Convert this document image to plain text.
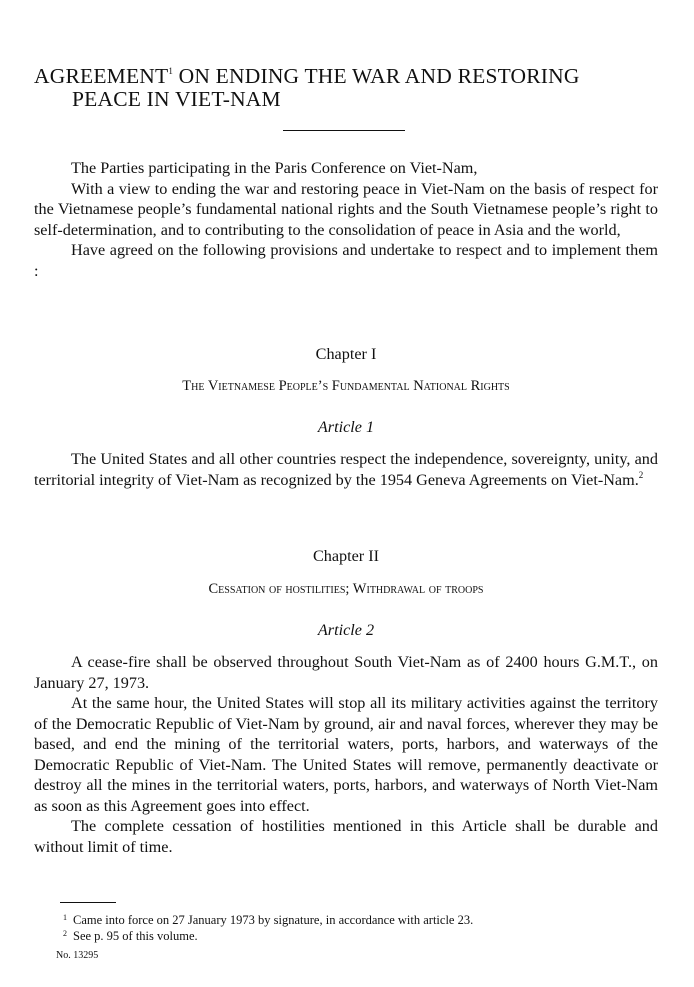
AGREEMENT$^1$ ON ENDING THE WAR AND RESTORING
PEACE IN VIET-NAM

The Parties participating in the Paris Conference on Viet-Nam,

With a view to ending the war and restoring peace in Viet-Nam on the basis of respect for the Vietnamese people’s fundamental national rights and the South Vietnamese people’s right to self-determination, and to contributing to the consolidation of peace in Asia and the world,

Have agreed on the following provisions and undertake to respect and to implement them :

Chapter I

The Vietnamese People’s Fundamental National Rights

Article 1

The United States and all other countries respect the independence, sovereignty, unity, and territorial integrity of Viet-Nam as recognized by the 1954 Geneva Agreements on Viet-Nam.$^2$

Chapter II

Cessation of hostilities; Withdrawal of troops

Article 2

A cease-fire shall be observed throughout South Viet-Nam as of 2400 hours G.M.T., on January 27, 1973.

At the same hour, the United States will stop all its military activities against the territory of the Democratic Republic of Viet-Nam by ground, air and naval forces, wherever they may be based, and end the mining of the territorial waters, ports, harbors, and waterways of the Democratic Republic of Viet-Nam. The United States will remove, permanently deactivate or destroy all the mines in the territorial waters, ports, harbors, and waterways of North Viet-Nam as soon as this Agreement goes into effect.

The complete cessation of hostilities mentioned in this Article shall be durable and without limit of time.

$^1$ Came into force on 27 January 1973 by signature, in accordance with article 23.

$^2$ See p. 95 of this volume.

No. 13295
